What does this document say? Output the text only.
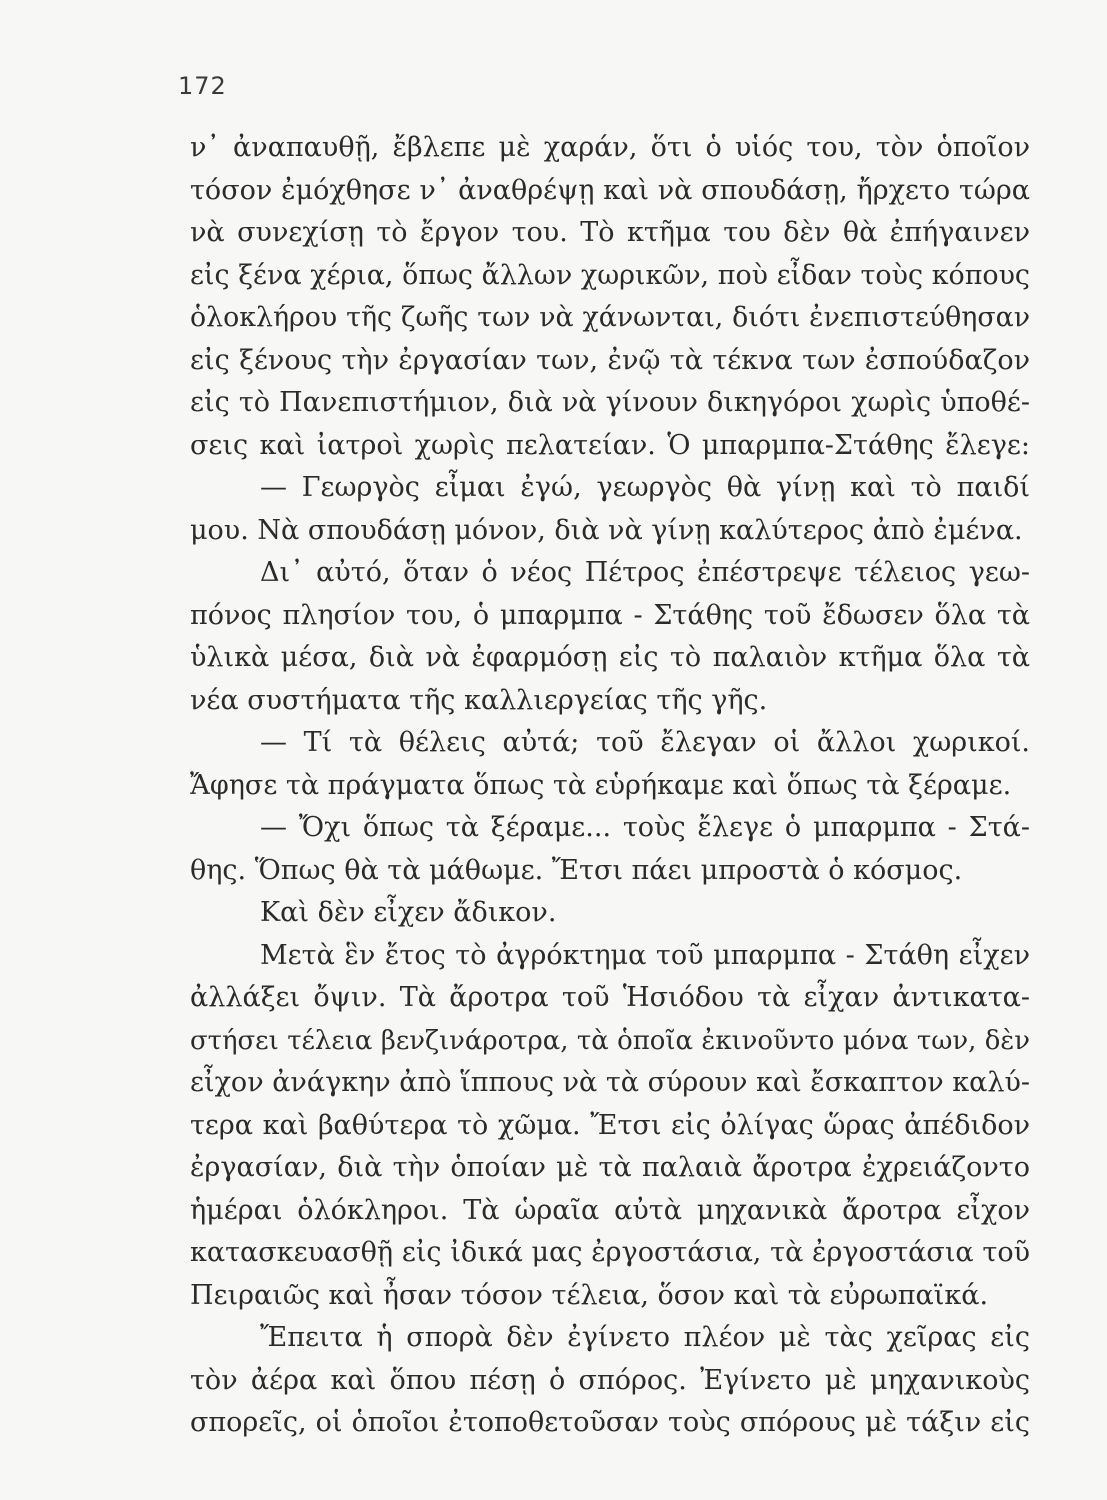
172
ν᾽ ἀναπαυθῇ, ἔβλεπε μὲ χαράν, ὅτι ὁ υἱός του, τὸν ὁποῖον
τόσον ἐμόχθησε ν᾽ ἀναθρέψῃ καὶ νὰ σπουδάσῃ, ἤρχετο τώρα
νὰ συνεχίσῃ τὸ ἔργον του. Τὸ κτῆμα του δὲν θὰ ἐπήγαινεν
εἰς ξένα χέρια, ὅπως ἄλλων χωρικῶν, ποὺ εἶδαν τοὺς κόπους
ὁλοκλήρου τῆς ζωῆς των νὰ χάνωνται, διότι ἐνεπιστεύθησαν
εἰς ξένους τὴν ἐργασίαν των, ἐνῷ τὰ τέκνα των ἐσπούδαζον
εἰς τὸ Πανεπιστήμιον, διὰ νὰ γίνουν δικηγόροι χωρὶς ὑποθέ-
σεις καὶ ἰατροὶ χωρὶς πελατείαν. Ὁ μπαρμπα-Στάθης ἔλεγε:
— Γεωργὸς εἶμαι ἐγώ, γεωργὸς θὰ γίνῃ καὶ τὸ παιδί
μου. Νὰ σπουδάσῃ μόνον, διὰ νὰ γίνῃ καλύτερος ἀπὸ ἐμένα.
Δι᾽ αὐτό, ὅταν ὁ νέος Πέτρος ἐπέστρεψε τέλειος γεω-
πόνος πλησίον του, ὁ μπαρμπα - Στάθης τοῦ ἔδωσεν ὅλα τὰ
ὑλικὰ μέσα, διὰ νὰ ἐφαρμόσῃ εἰς τὸ παλαιὸν κτῆμα ὅλα τὰ
νέα συστήματα τῆς καλλιεργείας τῆς γῆς.
— Τί τὰ θέλεις αὐτά; τοῦ ἔλεγαν οἱ ἄλλοι χωρικοί.
Ἄφησε τὰ πράγματα ὅπως τὰ εὑρήκαμε καὶ ὅπως τὰ ξέραμε.
— Ὄχι ὅπως τὰ ξέραμε... τοὺς ἔλεγε ὁ μπαρμπα - Στά-
θης. Ὅπως θὰ τὰ μάθωμε. Ἔτσι πάει μπροστὰ ὁ κόσμος.
Καὶ δὲν εἶχεν ἄδικον.
Μετὰ ἓν ἔτος τὸ ἀγρόκτημα τοῦ μπαρμπα - Στάθη εἶχεν
ἀλλάξει ὄψιν. Τὰ ἄροτρα τοῦ Ἡσιόδου τὰ εἶχαν ἀντικατα-
στήσει τέλεια βενζινάροτρα, τὰ ὁποῖα ἐκινοῦντο μόνα των, δὲν
εἶχον ἀνάγκην ἀπὸ ἵππους νὰ τὰ σύρουν καὶ ἔσκαπτον καλύ-
τερα καὶ βαθύτερα τὸ χῶμα. Ἔτσι εἰς ὀλίγας ὥρας ἀπέδιδον
ἐργασίαν, διὰ τὴν ὁποίαν μὲ τὰ παλαιὰ ἄροτρα ἐχρειάζοντο
ἡμέραι ὁλόκληροι. Τὰ ὡραῖα αὐτὰ μηχανικὰ ἄροτρα εἶχον
κατασκευασθῇ εἰς ἰδικά μας ἐργοστάσια, τὰ ἐργοστάσια τοῦ
Πειραιῶς καὶ ἦσαν τόσον τέλεια, ὅσον καὶ τὰ εὐρωπαϊκά.
Ἔπειτα ἡ σπορὰ δὲν ἐγίνετο πλέον μὲ τὰς χεῖρας εἰς
τὸν ἀέρα καὶ ὅπου πέσῃ ὁ σπόρος. Ἐγίνετο μὲ μηχανικοὺς
σπορεῖς, οἱ ὁποῖοι ἐτοποθετοῦσαν τοὺς σπόρους μὲ τάξιν εἰς
